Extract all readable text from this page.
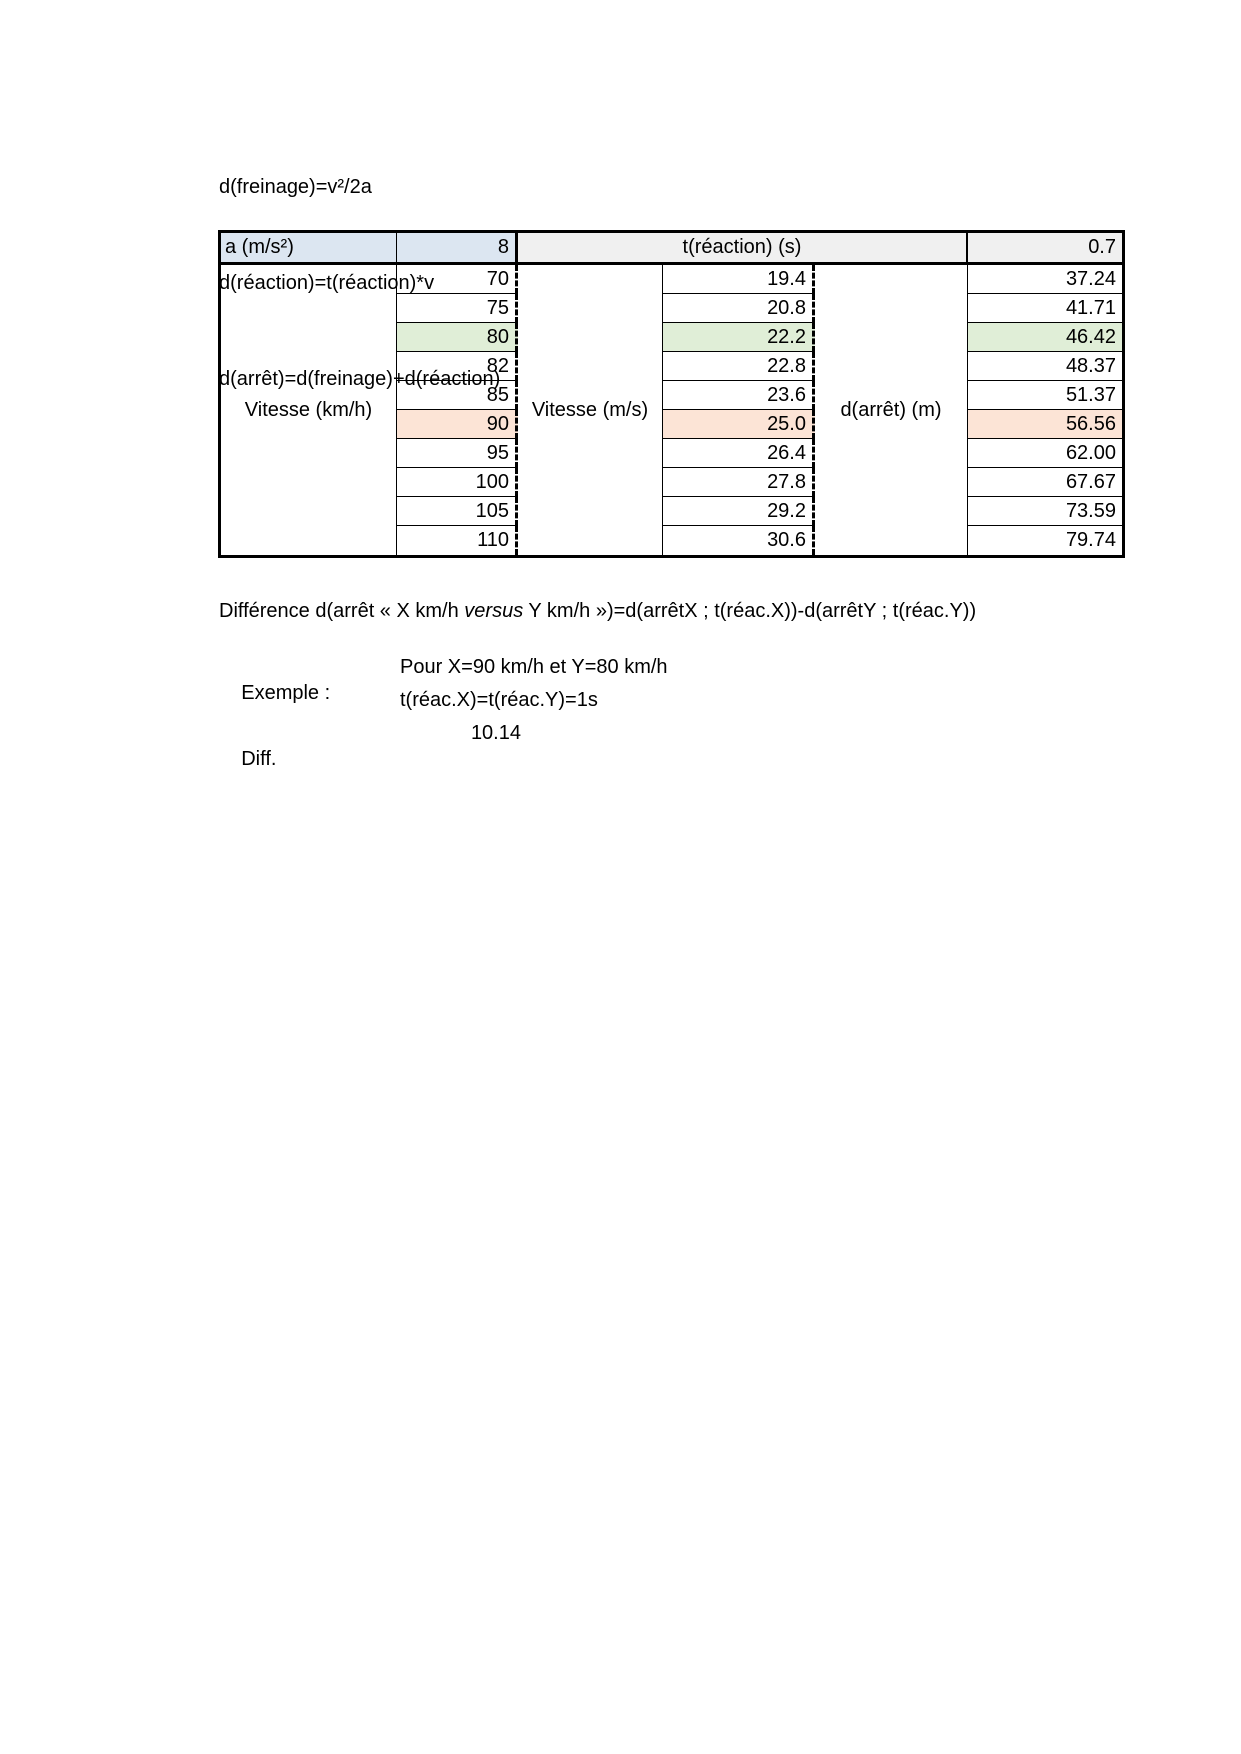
d(freinage)=v²/2a

d(réaction)=t(réaction)*v

d(arrêt)=d(freinage)+d(réaction)

a (m/s²)	8	t(réaction) (s)	0.7
Vitesse (km/h)	Vitesse (m/s)	d(arrêt) (m)
70	19.4	37.24
75	20.8	41.71
80	22.2	46.42
82	22.8	48.37
85	23.6	51.37
90	25.0	56.56
95	26.4	62.00
100	27.8	67.67
105	29.2	73.59
110	30.6	79.74
Différence d(arrêt « X km/h versus Y km/h »)=d(arrêtX ; t(réac.X))-d(arrêtY ; t(réac.Y))

Exemple :

Pour X=90 km/h et Y=80 km/h

t(réac.X)=t(réac.Y)=1s

Diff.

10.14
